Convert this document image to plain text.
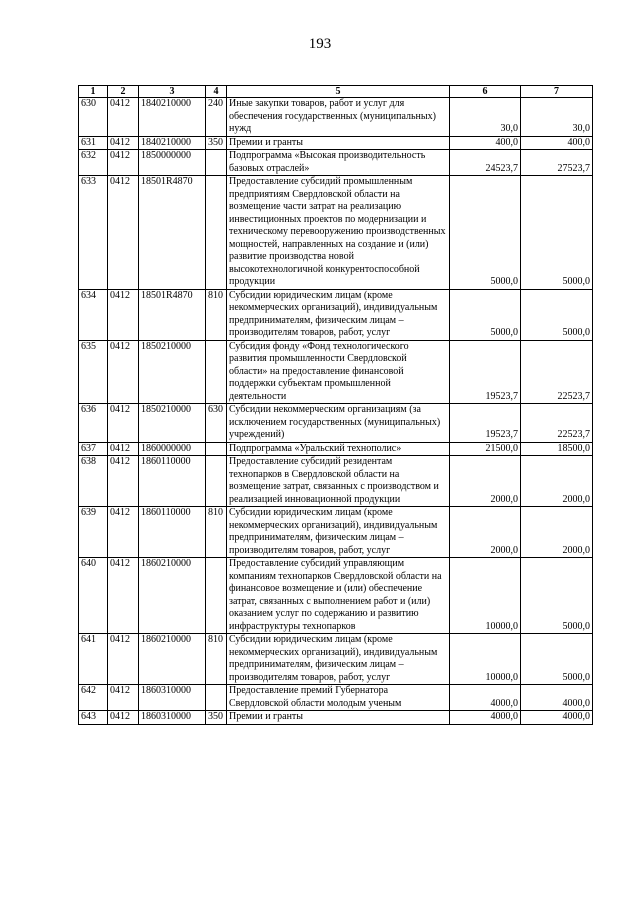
193
1	2	3	4	5	6	7
630	0412	1840210000	240	Иные закупки товаров, работ и услуг для обеспечения государственных (муниципальных) нужд	30,0	30,0
631	0412	1840210000	350	Премии и гранты	400,0	400,0
632	0412	1850000000		Подпрограмма «Высокая производительность базовых отраслей»	24523,7	27523,7
633	0412	18501R4870		Предоставление субсидий промышленным предприятиям Свердловской области на возмещение части затрат на реализацию инвестиционных проектов по модернизации и техническому перевооружению производственных мощностей, направленных на создание и (или) развитие производства новой высокотехнологичной конкурентоспособной продукции	5000,0	5000,0
634	0412	18501R4870	810	Субсидии юридическим лицам (кроме некоммерческих организаций), индивидуальным предпринимателям, физическим лицам – производителям товаров, работ, услуг	5000,0	5000,0
635	0412	1850210000		Субсидия фонду «Фонд технологического развития промышленности Свердловской области» на предоставление финансовой поддержки субъектам промышленной деятельности	19523,7	22523,7
636	0412	1850210000	630	Субсидии некоммерческим организациям (за исключением государственных (муниципальных) учреждений)	19523,7	22523,7
637	0412	1860000000		Подпрограмма «Уральский технополис»	21500,0	18500,0
638	0412	1860110000		Предоставление субсидий резидентам технопарков в Свердловской области на возмещение затрат, связанных с производством и реализацией инновационной продукции	2000,0	2000,0
639	0412	1860110000	810	Субсидии юридическим лицам (кроме некоммерческих организаций), индивидуальным предпринимателям, физическим лицам – производителям товаров, работ, услуг	2000,0	2000,0
640	0412	1860210000		Предоставление субсидий управляющим компаниям технопарков Свердловской области на финансовое возмещение и (или) обеспечение затрат, связанных с выполнением работ и (или) оказанием услуг по содержанию и развитию инфраструктуры технопарков	10000,0	5000,0
641	0412	1860210000	810	Субсидии юридическим лицам (кроме некоммерческих организаций), индивидуальным предпринимателям, физическим лицам – производителям товаров, работ, услуг	10000,0	5000,0
642	0412	1860310000		Предоставление премий Губернатора Свердловской области молодым ученым	4000,0	4000,0
643	0412	1860310000	350	Премии и гранты	4000,0	4000,0
